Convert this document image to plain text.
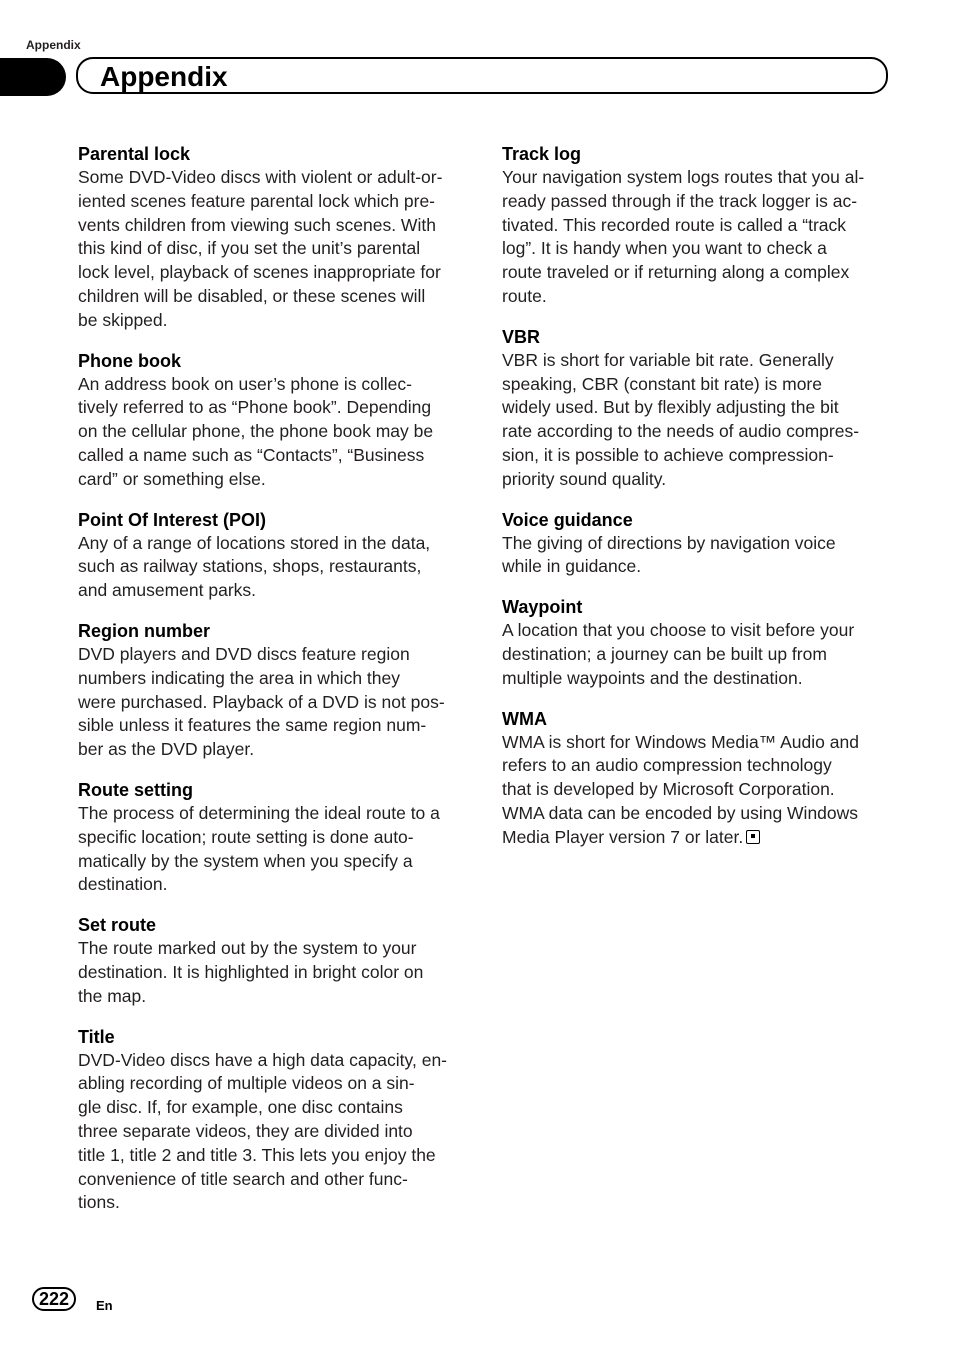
Appendix
Appendix
Parental lock
Some DVD-Video discs with violent or adult-or-
iented scenes feature parental lock which pre-
vents children from viewing such scenes. With
this kind of disc, if you set the unit’s parental
lock level, playback of scenes inappropriate for
children will be disabled, or these scenes will
be skipped.
Phone book
An address book on user’s phone is collec-
tively referred to as “Phone book”. Depending
on the cellular phone, the phone book may be
called a name such as “Contacts”, “Business
card” or something else.
Point Of Interest (POI)
Any of a range of locations stored in the data,
such as railway stations, shops, restaurants,
and amusement parks.
Region number
DVD players and DVD discs feature region
numbers indicating the area in which they
were purchased. Playback of a DVD is not pos-
sible unless it features the same region num-
ber as the DVD player.
Route setting
The process of determining the ideal route to a
specific location; route setting is done auto-
matically by the system when you specify a
destination.
Set route
The route marked out by the system to your
destination. It is highlighted in bright color on
the map.
Title
DVD-Video discs have a high data capacity, en-
abling recording of multiple videos on a sin-
gle disc. If, for example, one disc contains
three separate videos, they are divided into
title 1, title 2 and title 3. This lets you enjoy the
convenience of title search and other func-
tions.
Track log
Your navigation system logs routes that you al-
ready passed through if the track logger is ac-
tivated. This recorded route is called a “track
log”. It is handy when you want to check a
route traveled or if returning along a complex
route.
VBR
VBR is short for variable bit rate. Generally
speaking, CBR (constant bit rate) is more
widely used. But by flexibly adjusting the bit
rate according to the needs of audio compres-
sion, it is possible to achieve compression-
priority sound quality.
Voice guidance
The giving of directions by navigation voice
while in guidance.
Waypoint
A location that you choose to visit before your
destination; a journey can be built up from
multiple waypoints and the destination.
WMA
WMA is short for Windows Media™ Audio and
refers to an audio compression technology
that is developed by Microsoft Corporation.
WMA data can be encoded by using Windows
Media Player version 7 or later.
222	En
